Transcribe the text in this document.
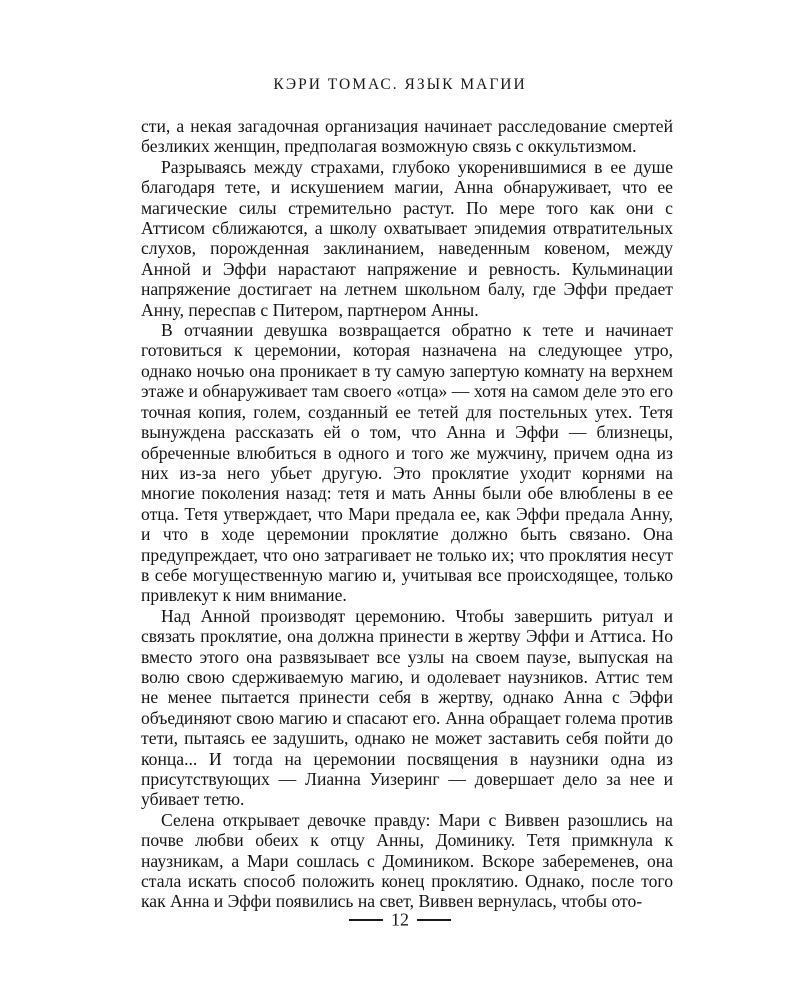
КЭРИ ТОМАС. ЯЗЫК МАГИИ

сти, а некая загадочная организация начинает расследование смертей безликих женщин, предполагая возможную связь с оккультизмом.

Разрываясь между страхами, глубоко укоренившимися в ее душе благодаря тете, и искушением магии, Анна обнаруживает, что ее магические силы стремительно растут. По мере того как они с Аттисом сближаются, а школу охватывает эпидемия отвратительных слухов, порожденная заклинанием, наведенным ковеном, между Анной и Эффи нарастают напряжение и ревность. Кульминации напряжение достигает на летнем школьном балу, где Эффи предает Анну, переспав с Питером, партнером Анны.

В отчаянии девушка возвращается обратно к тете и начинает готовиться к церемонии, которая назначена на следующее утро, однако ночью она проникает в ту самую запертую комнату на верхнем этаже и обнаруживает там своего «отца» — хотя на самом деле это его точная копия, голем, созданный ее тетей для постельных утех. Тетя вынуждена рассказать ей о том, что Анна и Эффи — близнецы, обреченные влюбиться в одного и того же мужчину, причем одна из них из-за него убьет другую. Это проклятие уходит корнями на многие поколения назад: тетя и мать Анны были обе влюблены в ее отца. Тетя утверждает, что Мари предала ее, как Эффи предала Анну, и что в ходе церемонии проклятие должно быть связано. Она предупреждает, что оно затрагивает не только их; что проклятия несут в себе могущественную магию и, учитывая все происходящее, только привлекут к ним внимание.

Над Анной производят церемонию. Чтобы завершить ритуал и связать проклятие, она должна принести в жертву Эффи и Аттиса. Но вместо этого она развязывает все узлы на своем паузе, выпуская на волю свою сдерживаемую магию, и одолевает наузников. Аттис тем не менее пытается принести себя в жертву, однако Анна с Эффи объединяют свою магию и спасают его. Анна обращает голема против тети, пытаясь ее задушить, однако не может заставить себя пойти до конца... И тогда на церемонии посвящения в наузники одна из присутствующих — Лианна Уизеринг — довершает дело за нее и убивает тетю.

Селена открывает девочке правду: Мари с Виввен разошлись на почве любви обеих к отцу Анны, Доминику. Тетя примкнула к наузникам, а Мари сошлась с Домиником. Вскоре забеременев, она стала искать способ положить конец проклятию. Однако, после того как Анна и Эффи появились на свет, Виввен вернулась, чтобы ото-

12
